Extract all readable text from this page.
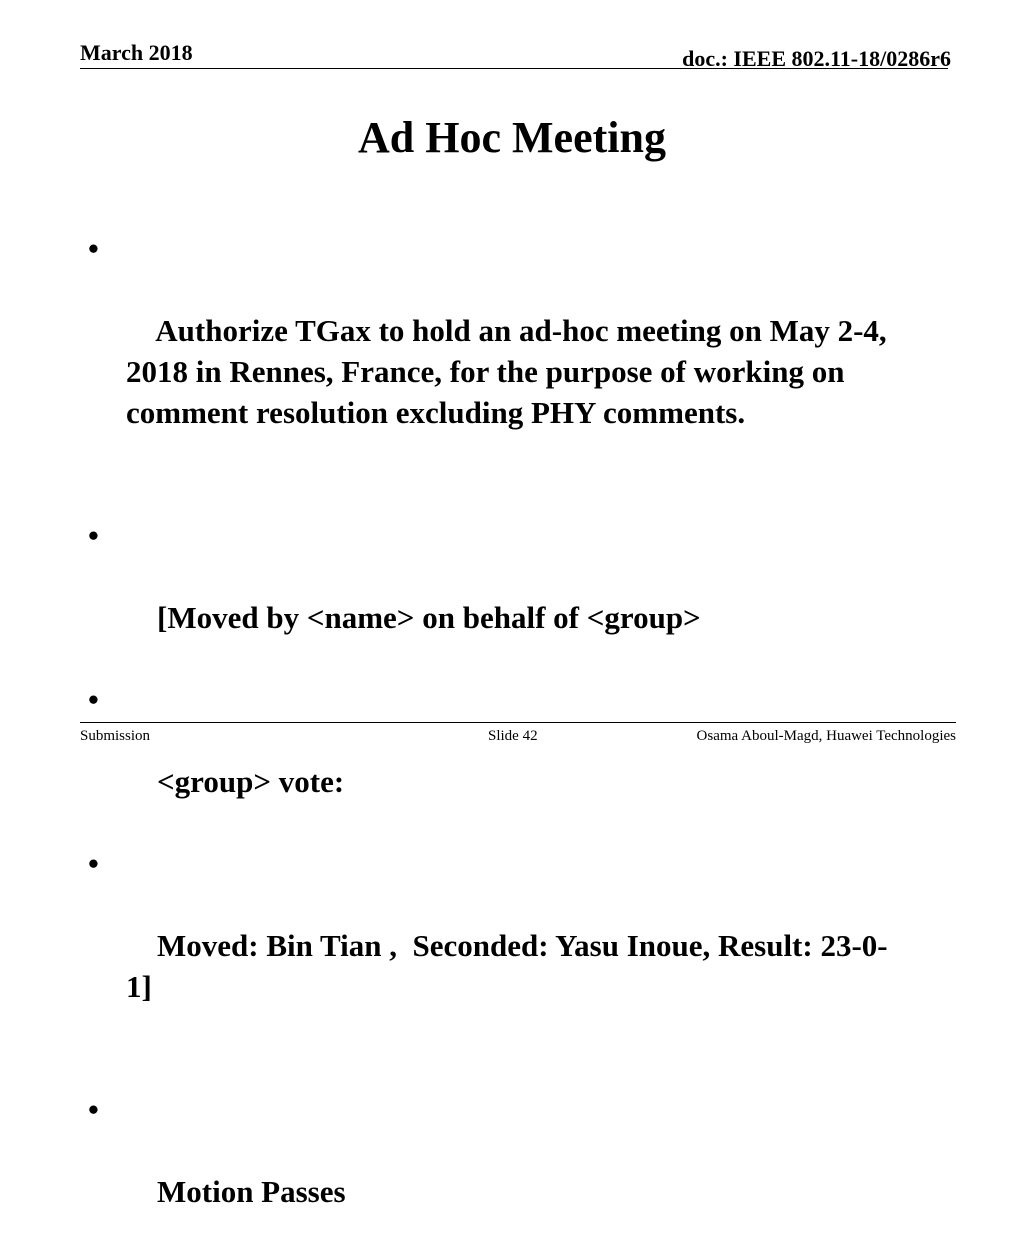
March 2018	doc.: IEEE 802.11-18/0286r6
Ad Hoc Meeting

•

Authorize TGax to hold an ad-hoc meeting on May 2-4,
2018 in Rennes, France, for the purpose of working on
comment resolution excluding PHY comments.

•

[Moved by <name> on behalf of <group>

•

<group> vote:

•

Moved: Bin Tian ,  Seconded: Yasu Inoue, Result: 23-0-
1]

•

Motion Passes

Submission	Slide 42	Osama Aboul-Magd, Huawei Technologies
